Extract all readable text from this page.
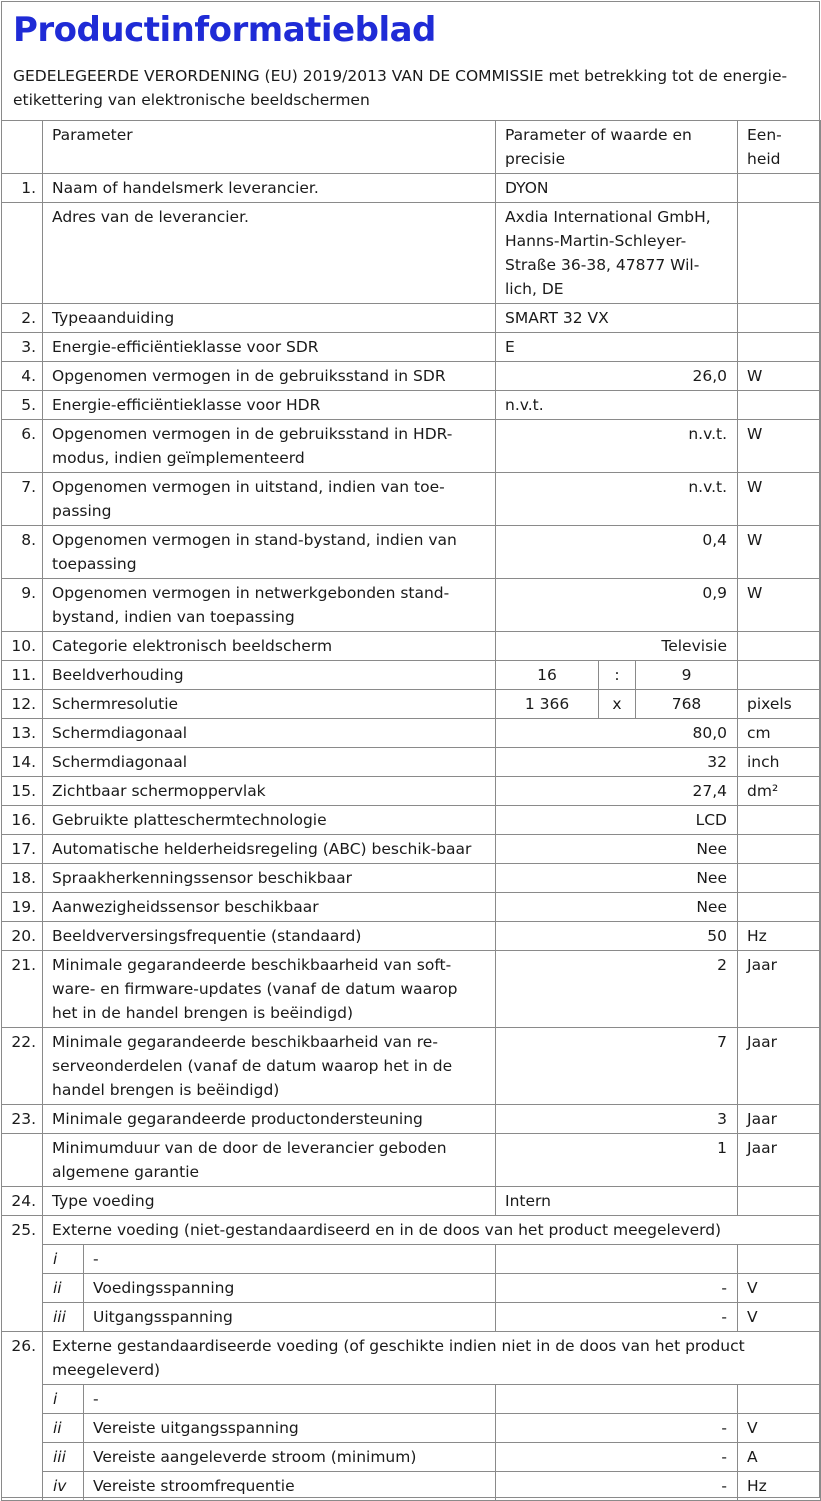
Productinformatieblad
GEDELEGEERDE VERORDENING (EU) 2019/2013 VAN DE COMMISSIE met betrekking tot de energie-etikettering van elektronische beeldschermen
	Parameter		Parameter of waarde en precisie			Een-heid
1.	Naam of handelsmerk leverancier.		DYON			
	Adres van de leverancier.		Axdia International GmbH, Hanns-Martin-Schleyer-Straße 36-38, 47877 Wil-lich, DE			
2.	Typeaanduiding		SMART 32 VX			
3.	Energie-efficiëntieklasse voor SDR		E			
4.	Opgenomen vermogen in de gebruiksstand in SDR		26,0			W
5.	Energie-efficiëntieklasse voor HDR		n.v.t.			
6.	Opgenomen vermogen in de gebruiksstand in HDR-modus, indien geïmplementeerd		n.v.t.			W
7.	Opgenomen vermogen in uitstand, indien van toe-passing		n.v.t.			W
8.	Opgenomen vermogen in stand-bystand, indien van toepassing		0,4			W
9.	Opgenomen vermogen in netwerkgebonden stand-bystand, indien van toepassing		0,9			W
10.	Categorie elektronisch beeldscherm		Televisie			
11.	Beeldverhouding		16	:	9	
12.	Schermresolutie		1 366	x	768	pixels
13.	Schermdiagonaal		80,0			cm
14.	Schermdiagonaal		32			inch
15.	Zichtbaar schermoppervlak		27,4			dm²
16.	Gebruikte platteschermtechnologie		LCD			
17.	Automatische helderheidsregeling (ABC) beschik-baar		Nee			
18.	Spraakherkenningssensor beschikbaar		Nee			
19.	Aanwezigheidssensor beschikbaar		Nee			
20.	Beeldverversingsfrequentie (standaard)		50			Hz
21.	Minimale gegarandeerde beschikbaarheid van soft-ware- en firmware-updates (vanaf de datum waarop het in de handel brengen is beëindigd)		2			Jaar
22.	Minimale gegarandeerde beschikbaarheid van re-serveonderdelen (vanaf de datum waarop het in de handel brengen is beëindigd)		7			Jaar
23.	Minimale gegarandeerde productondersteuning		3			Jaar
	Minimumduur van de door de leverancier geboden algemene garantie		1			Jaar
24.	Type voeding		Intern			
25.	Externe voeding (niet-gestandaardiseerd en in de doos van het product meegeleverd)					
	i	-				
	ii	Voedingsspanning	-			V
	iii	Uitgangsspanning	-			V
26.	Externe gestandaardiseerde voeding (of geschikte indien niet in de doos van het product meegeleverd)					
	i	-				
	ii	Vereiste uitgangsspanning	-			V
	iii	Vereiste aangeleverde stroom (minimum)	-			A
	iv	Vereiste stroomfrequentie	-			Hz
